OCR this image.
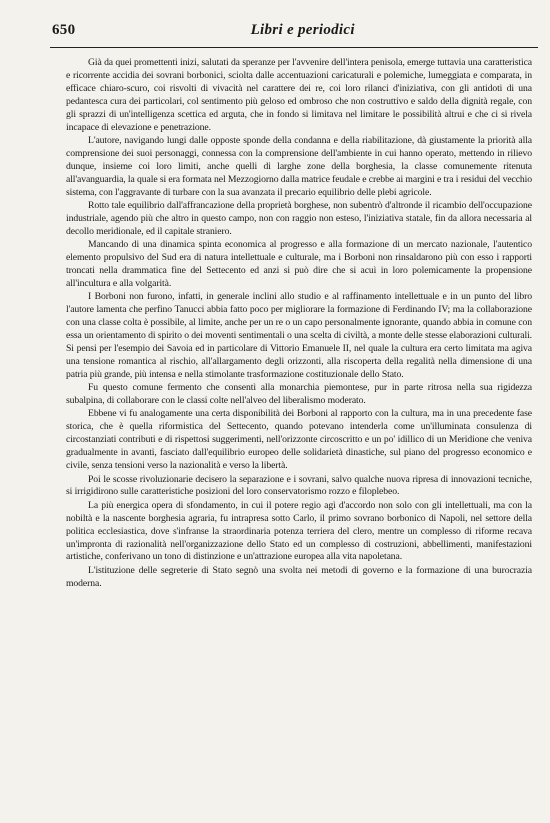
650	Libri e periodici

Già da quei promettenti inizi, salutati da speranze per l'avvenire dell'intera penisola, emerge tuttavia una caratteristica e ricorrente accidia dei sovrani borbonici, sciolta dalle accentuazioni caricaturali e polemiche, lumeggiata e comparata, in efficace chiaro-scuro, coi risvolti di vivacità nel carattere dei re, coi loro rilanci d'iniziativa, con gli antidoti di una pedantesca cura dei particolari, col sentimento più geloso ed ombroso che non costruttivo e saldo della dignità regale, con gli sprazzi di un'intelligenza scettica ed arguta, che in fondo si limitava nel limitare le possibilità altrui e che ci si rivela incapace di elevazione e penetrazione.

L'autore, navigando lungi dalle opposte sponde della condanna e della riabilitazione, dà giustamente la priorità alla comprensione dei suoi personaggi, connessa con la comprensione dell'ambiente in cui hanno operato, mettendo in rilievo dunque, insieme coi loro limiti, anche quelli di larghe zone della borghesia, la classe comunemente ritenuta all'avanguardia, la quale si era formata nel Mezzogiorno dalla matrice feudale e crebbe ai margini e tra i residui del vecchio sistema, con l'aggravante di turbare con la sua avanzata il precario equilibrio delle plebi agricole.

Rotto tale equilibrio dall'affrancazione della proprietà borghese, non subentrò d'altronde il ricambio dell'occupazione industriale, agendo più che altro in questo campo, non con raggio non esteso, l'iniziativa statale, fin da allora necessaria al decollo meridionale, ed il capitale straniero.

Mancando di una dinamica spinta economica al progresso e alla formazione di un mercato nazionale, l'autentico elemento propulsivo del Sud era di natura intellettuale e culturale, ma i Borboni non rinsaldarono più con esso i rapporti troncati nella drammatica fine del Settecento ed anzi si può dire che si acuì in loro polemicamente la propensione all'incultura e alla volgarità.

I Borboni non furono, infatti, in generale inclini allo studio e al raffinamento intellettuale e in un punto del libro l'autore lamenta che perfino Tanucci abbia fatto poco per migliorare la formazione di Ferdinando IV; ma la collaborazione con una classe colta è possibile, al limite, anche per un re o un capo personalmente ignorante, quando abbia in comune con essa un orientamento di spirito o dei moventi sentimentali o una scelta di civiltà, a monte delle stesse elaborazioni culturali. Si pensi per l'esempio dei Savoia ed in particolare di Vittorio Emanuele II, nel quale la cultura era certo limitata ma agiva una tensione romantica al rischio, all'allargamento degli orizzonti, alla riscoperta della regalità nella dimensione di una patria più grande, più intensa e nella stimolante trasformazione costituzionale dello Stato.

Fu questo comune fermento che consentì alla monarchia piemontese, pur in parte ritrosa nella sua rigidezza subalpina, di collaborare con le classi colte nell'alveo del liberalismo moderato.

Ebbene vi fu analogamente una certa disponibilità dei Borboni al rapporto con la cultura, ma in una precedente fase storica, che è quella riformistica del Settecento, quando potevano intenderla come un'illuminata consulenza di circostanziati contributi e di rispettosi suggerimenti, nell'orizzonte circoscritto e un po' idillico di un Meridione che veniva gradualmente in avanti, fasciato dall'equilibrio europeo delle solidarietà dinastiche, sul piano del progresso economico e civile, senza tensioni verso la nazionalità e verso la libertà.

Poi le scosse rivoluzionarie decisero la separazione e i sovrani, salvo qualche nuova ripresa di innovazioni tecniche, si irrigidirono sulle caratteristiche posizioni del loro conservatorismo rozzo e filoplebeo.

La più energica opera di sfondamento, in cui il potere regio agì d'accordo non solo con gli intellettuali, ma con la nobiltà e la nascente borghesia agraria, fu intrapresa sotto Carlo, il primo sovrano borbonico di Napoli, nel settore della politica ecclesiastica, dove s'infranse la straordinaria potenza terriera del clero, mentre un complesso di riforme recava un'impronta di razionalità nell'organizzazione dello Stato ed un complesso di costruzioni, abbellimenti, manifestazioni artistiche, conferivano un tono di distinzione e un'attrazione europea alla vita napoletana.

L'istituzione delle segreterie di Stato segnò una svolta nei metodi di governo e la formazione di una burocrazia moderna.
